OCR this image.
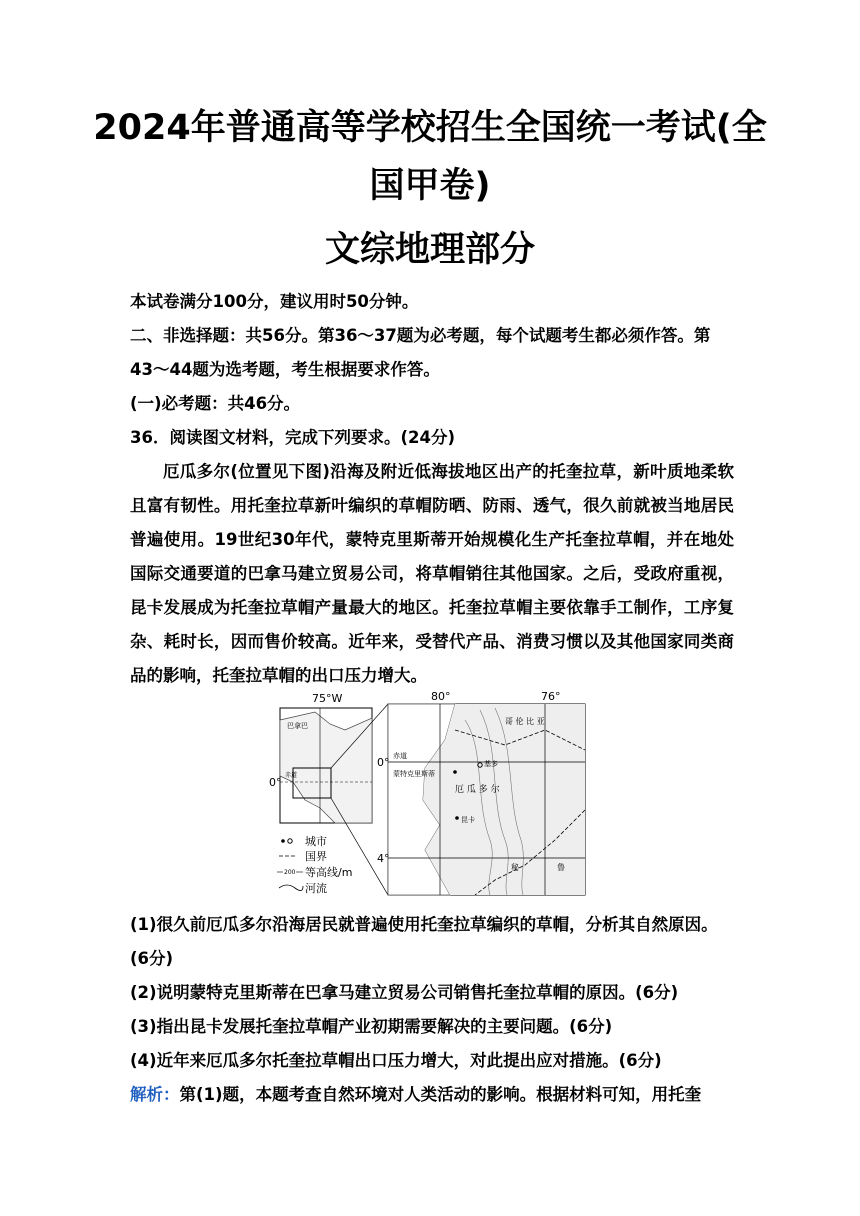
2024年普通高等学校招生全国统一考试(全
国甲卷)
文综地理部分
本试卷满分100分，建议用时50分钟。
二、非选择题：共56分。第36～37题为必考题，每个试题考生都必须作答。第
43～44题为选考题，考生根据要求作答。
(一)必考题：共46分。
36．阅读图文材料，完成下列要求。(24分)
厄瓜多尔(位置见下图)沿海及附近低海拔地区出产的托奎拉草，新叶质地柔软且富有韧性。用托奎拉草新叶编织的草帽防晒、防雨、透气，很久前就被当地居民普遍使用。19世纪30年代，蒙特克里斯蒂开始规模化生产托奎拉草帽，并在地处国际交通要道的巴拿马建立贸易公司，将草帽销往其他国家。之后，受政府重视，昆卡发展成为托奎拉草帽产量最大的地区。托奎拉草帽主要依靠手工制作，工序复杂、耗时长，因而售价较高。近年来，受替代产品、消费习惯以及其他国家同类商品的影响，托奎拉草帽的出口压力增大。
75°W
巴拿巴
赤道
0°
80°	76°
0°
4°
赤道
哥 伦 比 亚
蒙特克里斯蒂
基多
厄 瓜 多 尔
昆卡
秘	鲁
城市
国界
200 等高线/m
河流
(1)很久前厄瓜多尔沿海居民就普遍使用托奎拉草编织的草帽，分析其自然原因。
(6分)
(2)说明蒙特克里斯蒂在巴拿马建立贸易公司销售托奎拉草帽的原因。(6分)
(3)指出昆卡发展托奎拉草帽产业初期需要解决的主要问题。(6分)
(4)近年来厄瓜多尔托奎拉草帽出口压力增大，对此提出应对措施。(6分)
解析：第(1)题，本题考查自然环境对人类活动的影响。根据材料可知，用托奎
